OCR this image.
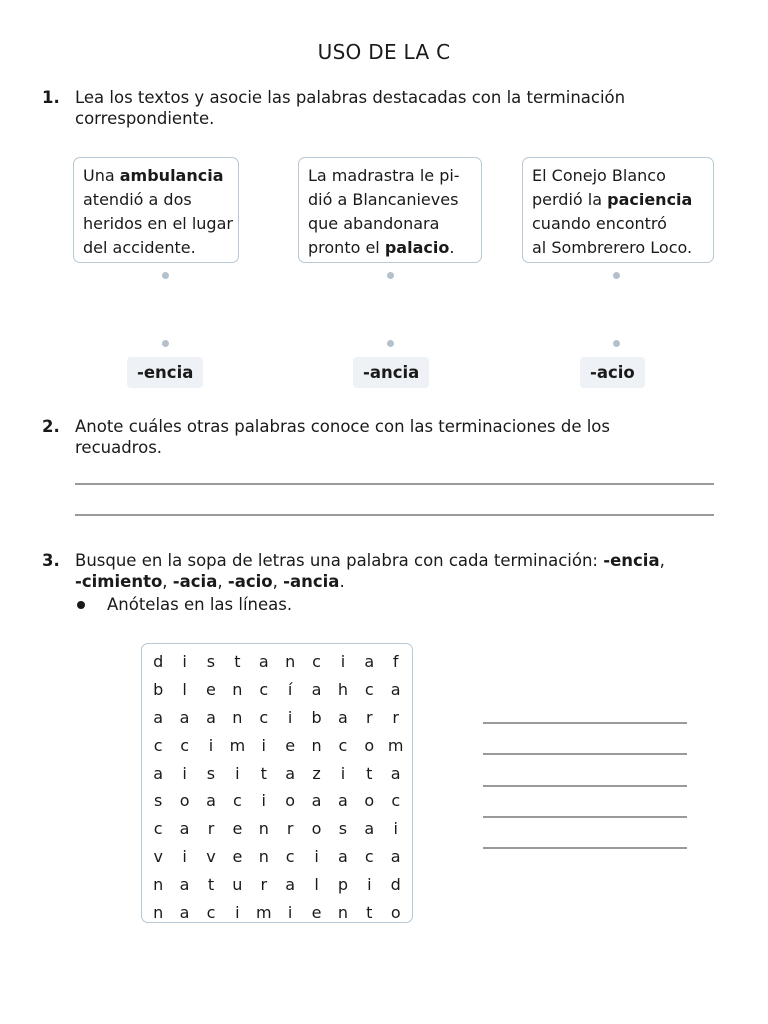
USO DE LA C
1. Lea los textos y asocie las palabras destacadas con la terminación
correspondiente.
Una ambulancia
atendió a dos
heridos en el lugar
del accidente.
La madrastra le pi-
dió a Blancanieves
que abandonara
pronto el palacio.
El Conejo Blanco
perdió la paciencia
cuando encontró
al Sombrerero Loco.
-encia	-ancia	-acio
2. Anote cuáles otras palabras conoce con las terminaciones de los
recuadros.
3. Busque en la sopa de letras una palabra con cada terminación: -encia,
-cimiento, -acia, -acio, -ancia.
Anótelas en las líneas.
d	i	s	t	a	n	c	i	a	f
b	l	e	n	c	í	a	h	c	a
a	a	a	n	c	i	b	a	r	r
c	c	i	m	i	e	n	c	o m
a	i	s	i	t	a	z	i	t	a
s	o	a	c	i	o	a	a	o	c
c	a	r	e	n	r	o	s	a	i
v	i	v	e	n	c	i	a	c	a
n	a	t	u	r	a	l	p	i	d
n	a	c	i	m	i	e	n	t	o
